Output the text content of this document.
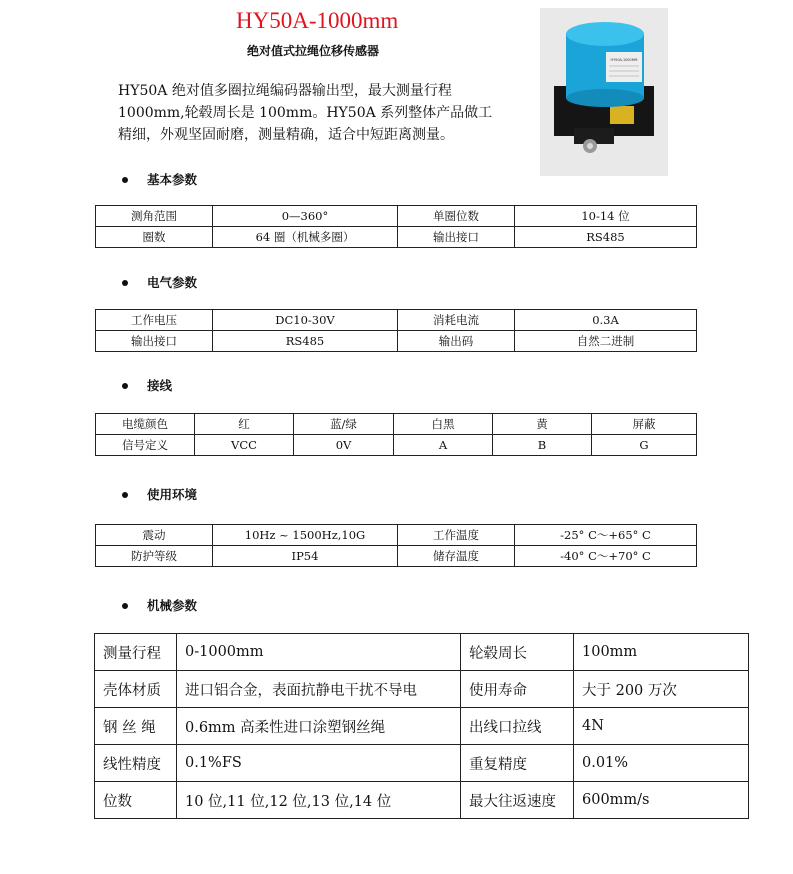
HY50A-1000mm
绝对值式拉绳位移传感器
HY50A 绝对值多圈拉绳编码器输出型，最大测量行程
1000mm,轮毂周长是 100mm。HY50A 系列整体产品做工
精细，外观坚固耐磨，测量精确，适合中短距离测量。
HY50A-1000MM
基本参数
测角范围	0—360°	单圈位数	10-14 位
圈数	64 圈（机械多圈）	输出接口	RS485
电气参数
工作电压	DC10-30V	消耗电流	0.3A
输出接口	RS485	输出码	自然二进制
接线
电缆颜色	红	蓝/绿	白黑	黄	屏蔽
信号定义	VCC	0V	A	B	G
使用环境
震动	10Hz ~ 1500Hz,10G	工作温度	-25° C～+65° C
防护等级	IP54	储存温度	-40° C～+70° C
机械参数
测量行程	0-1000mm	轮毂周长	100mm
壳体材质	进口铝合金，表面抗静电干扰不导电	使用寿命	大于 200 万次
钢 丝 绳	0.6mm 高柔性进口涂塑钢丝绳	出线口拉线	4N
线性精度	0.1%FS	重复精度	0.01%
位数	10 位,11 位,12 位,13 位,14 位	最大往返速度	600mm/s
